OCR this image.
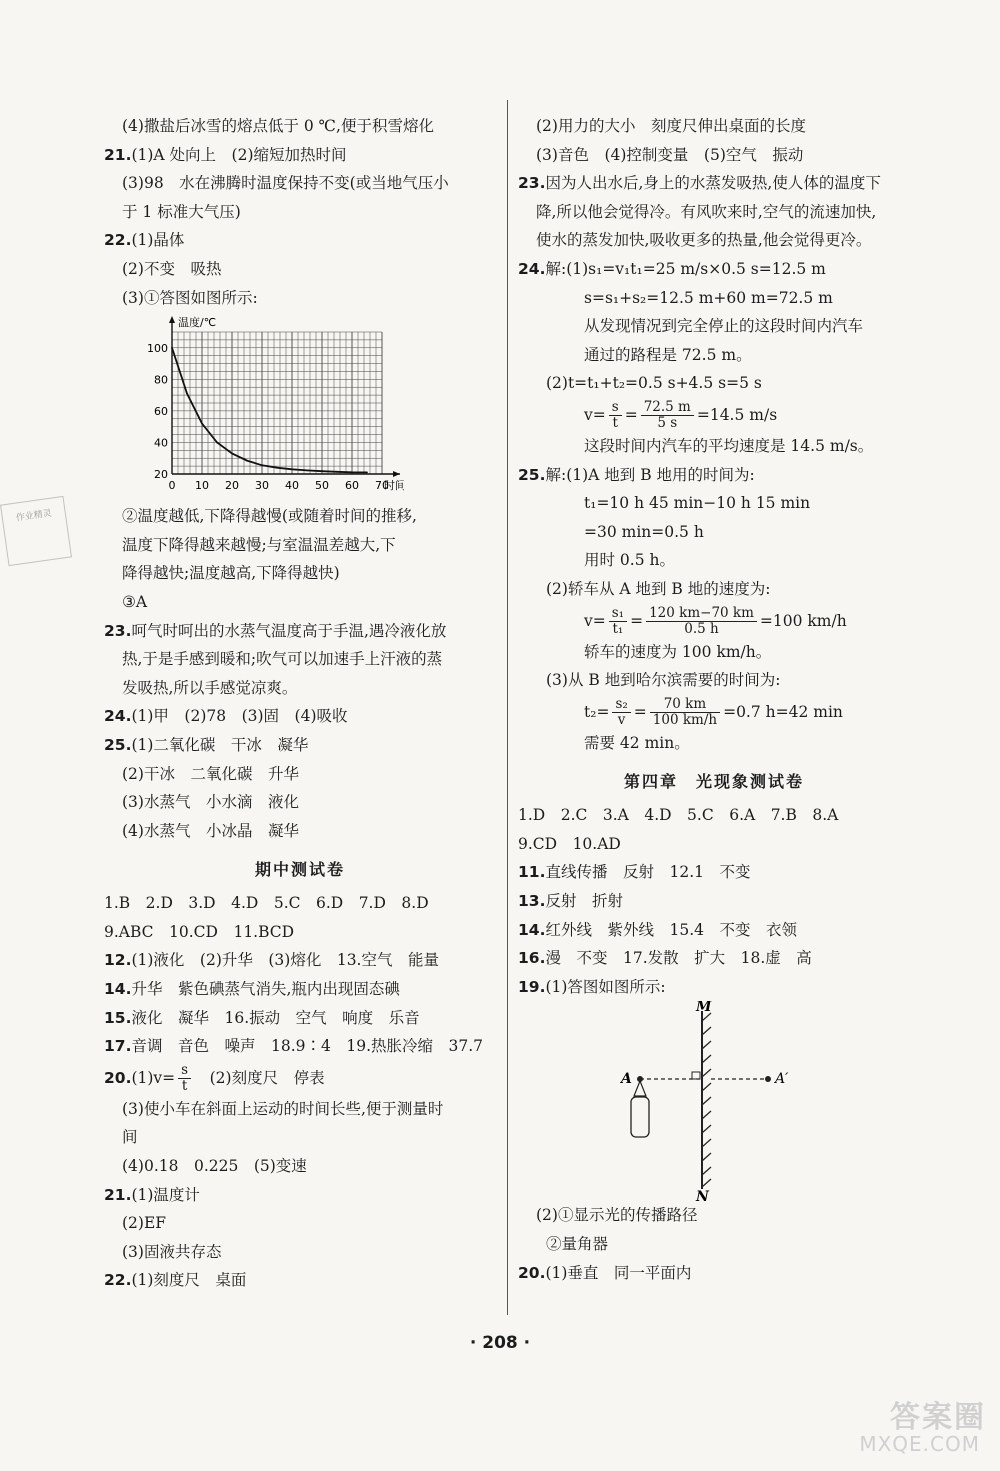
作业精灵
(4)撒盐后冰雪的熔点低于 0 ℃,便于积雪熔化
21.(1)A 处向上　(2)缩短加热时间
(3)98　水在沸腾时温度保持不变(或当地气压小
于 1 标准大气压)
22.(1)晶体
(2)不变　吸热
(3)①答图如图所示:
0 10 20 30 40 50 60 70
20
40
60
80
100
温度/℃
时间
②温度越低,下降得越慢(或随着时间的推移,
温度下降得越来越慢;与室温温差越大,下
降得越快;温度越高,下降得越快)
③A
23.呵气时呵出的水蒸气温度高于手温,遇冷液化放
热,于是手感到暖和;吹气可以加速手上汗液的蒸
发吸热,所以手感觉凉爽。
24.(1)甲　(2)78　(3)固　(4)吸收
25.(1)二氧化碳　干冰　凝华
(2)干冰　二氧化碳　升华
(3)水蒸气　小水滴　液化
(4)水蒸气　小冰晶　凝华
期中测试卷
1.B　2.D　3.D　4.D　5.C　6.D　7.D　8.D
9.ABC　10.CD　11.BCD
12.(1)液化　(2)升华　(3)熔化　13.空气　能量
14.升华　紫色碘蒸气消失,瓶内出现固态碘
15.液化　凝华　16.振动　空气　响度　乐音
17.音调　音色　噪声　18.9∶4　19.热胀冷缩　37.7
$20.(1)v= \frac{s}{t}$ 　(2)刻度尺　停表
(3)使小车在斜面上运动的时间长些,便于测量时
间
(4)0.18　0.225　(5)变速
21.(1)温度计
(2)EF
(3)固液共存态
22.(1)刻度尺　桌面
(2)用力的大小　刻度尺伸出桌面的长度
(3)音色　(4)控制变量　(5)空气　振动
23.因为人出水后,身上的水蒸发吸热,使人体的温度下
降,所以他会觉得冷。有风吹来时,空气的流速加快,
使水的蒸发加快,吸收更多的热量,他会觉得更冷。
24.解:(1)s₁=v₁t₁=25 m/s×0.5 s=12.5 m
s=s₁+s₂=12.5 m+60 m=72.5 m
从发现情况到完全停止的这段时间内汽车
通过的路程是 72.5 m。
(2)t=t₁+t₂=0.5 s+4.5 s=5 s
$v= \frac{s}{t} = \frac{72.5 m}{5 s} =14.5$ m/s
这段时间内汽车的平均速度是 14.5 m/s。
25.解:(1)A 地到 B 地用的时间为:
t₁=10 h 45 min−10 h 15 min
=30 min=0.5 h
用时 0.5 h。
(2)轿车从 A 地到 B 地的速度为:
$v= \frac{\text{s₁}}{\text{t₁}} = \frac{120 km-70 km}{0.5 h} =100$ km/h
轿车的速度为 100 km/h。
(3)从 B 地到哈尔滨需要的时间为:
$t_2= \frac{\text{s₂}}{v} = \frac{70 km}{100 km/h} =0.7$ h=42 min
需要 42 min。
第四章　光现象测试卷
1.D　2.C　3.A　4.D　5.C　6.A　7.B　8.A
9.CD　10.AD
11.直线传播　反射　12.1　不变
13.反射　折射
14.红外线　紫外线　15.4　不变　衣领
16.漫　不变　17.发散　扩大　18.虚　高
19.(1)答图如图所示:
M
N
A	A′
(2)①显示光的传播路径
②量角器
20.(1)垂直　同一平面内
· 208 ·
答案圈
MXQE.COM
